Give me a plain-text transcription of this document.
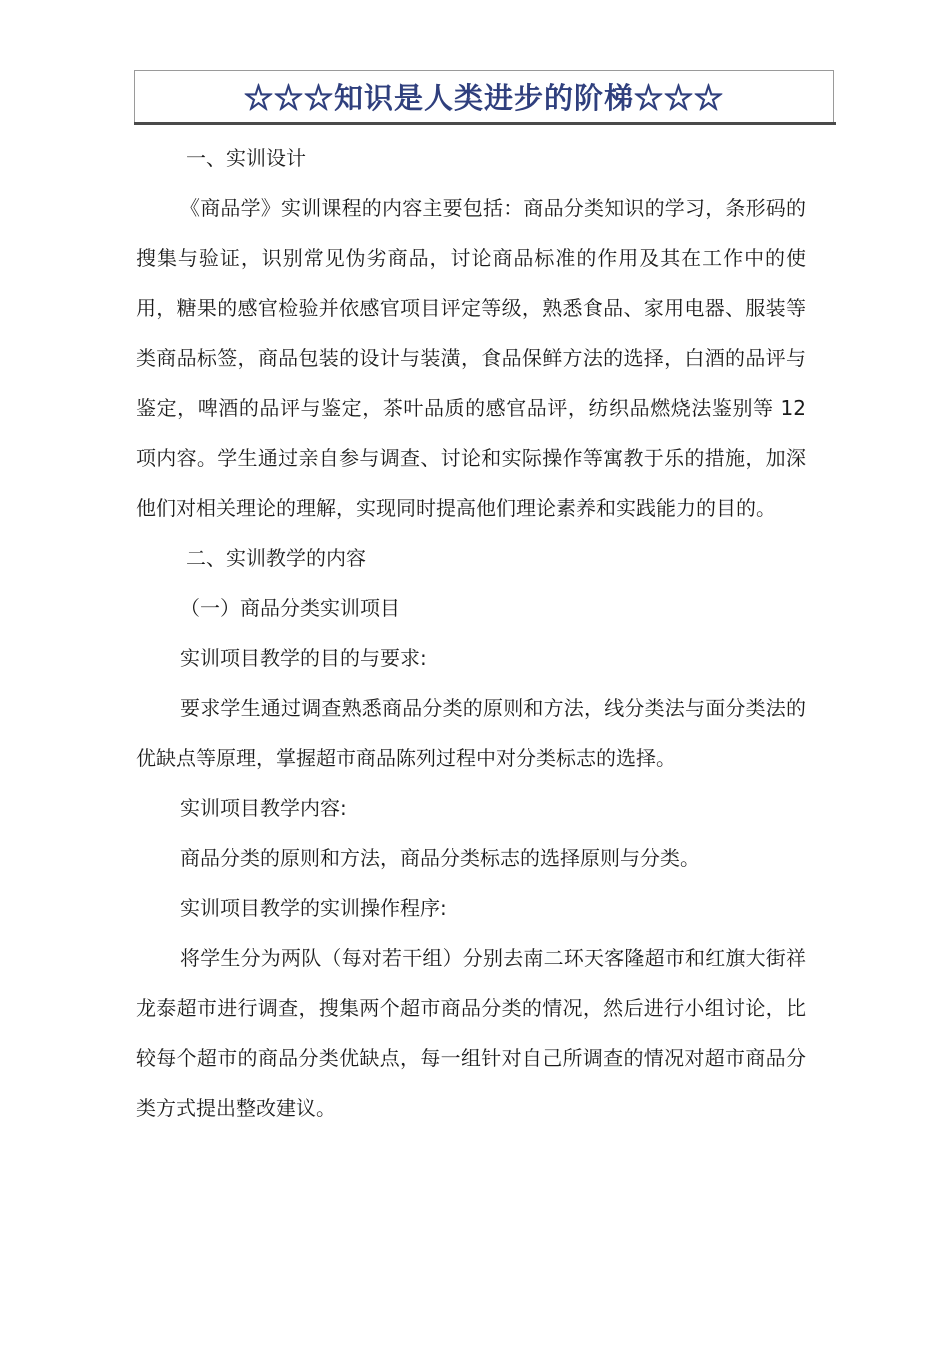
☆☆☆知识是人类进步的阶梯☆☆☆

一、实训设计

《商品学》实训课程的内容主要包括：商品分类知识的学习，条形码的搜集与验证，识别常见伪劣商品，讨论商品标准的作用及其在工作中的使用，糖果的感官检验并依感官项目评定等级，熟悉食品、家用电器、服装等类商品标签，商品包装的设计与装潢，食品保鲜方法的选择，白酒的品评与鉴定，啤酒的品评与鉴定，茶叶品质的感官品评，纺织品燃烧法鉴别等 12 项内容。学生通过亲自参与调查、讨论和实际操作等寓教于乐的措施，加深他们对相关理论的理解，实现同时提高他们理论素养和实践能力的目的。

二、实训教学的内容

（一）商品分类实训项目

实训项目教学的目的与要求:

要求学生通过调查熟悉商品分类的原则和方法，线分类法与面分类法的优缺点等原理，掌握超市商品陈列过程中对分类标志的选择。

实训项目教学内容:

商品分类的原则和方法，商品分类标志的选择原则与分类。

实训项目教学的实训操作程序:

将学生分为两队（每对若干组）分别去南二环天客隆超市和红旗大街祥龙泰超市进行调查，搜集两个超市商品分类的情况，然后进行小组讨论，比较每个超市的商品分类优缺点，每一组针对自己所调查的情况对超市商品分类方式提出整改建议。
